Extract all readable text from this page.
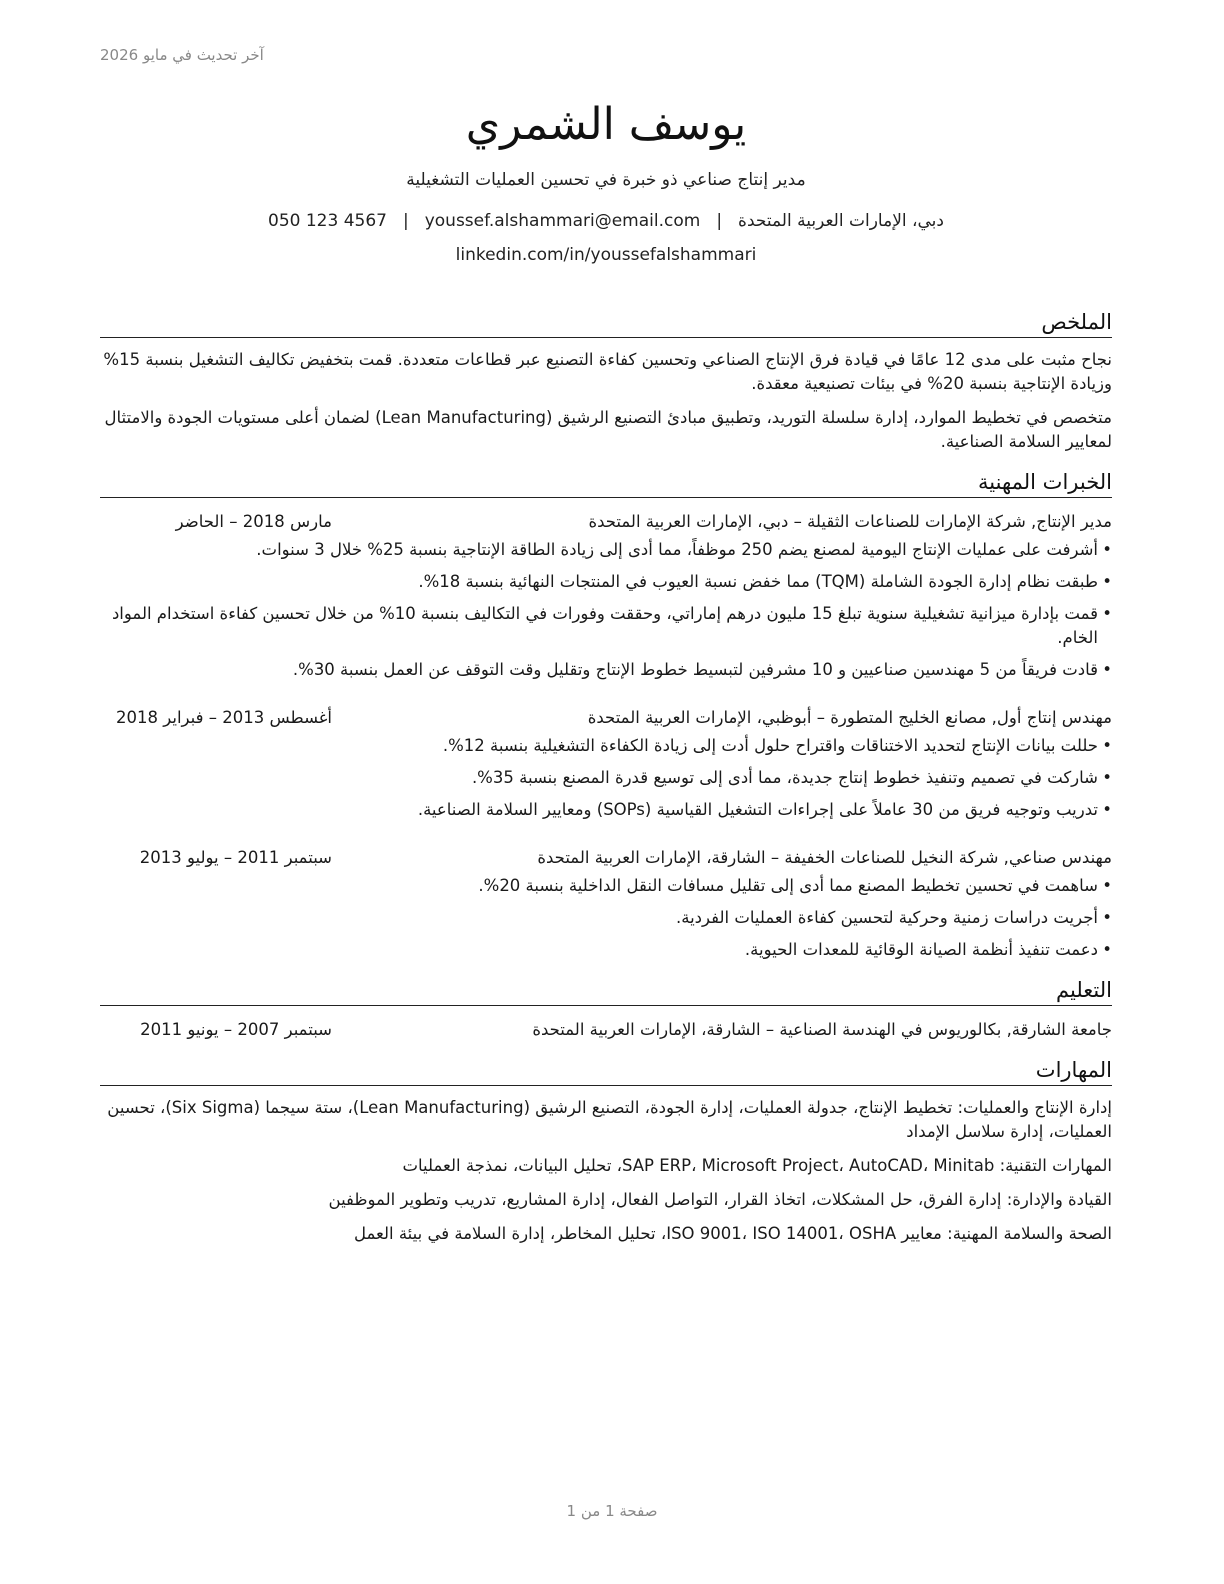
آخر تحديث في مايو 2026
يوسف الشمري
مدير إنتاج صناعي ذو خبرة في تحسين العمليات التشغيلية
دبي، الإمارات العربية المتحدة|youssef.alshammari@email.com|050 123 4567
linkedin.com/in/youssefalshammari
الملخص

نجاح مثبت على مدى 12 عامًا في قيادة فرق الإنتاج الصناعي وتحسين كفاءة التصنيع عبر قطاعات متعددة. قمت بتخفيض تكاليف التشغيل بنسبة 15% وزيادة الإنتاجية بنسبة 20% في بيئات تصنيعية معقدة.

متخصص في تخطيط الموارد، إدارة سلسلة التوريد، وتطبيق مبادئ التصنيع الرشيق (Lean Manufacturing) لضمان أعلى مستويات الجودة والامتثال لمعايير السلامة الصناعية.

الخبرات المهنية
مدير الإنتاج, شركة الإمارات للصناعات الثقيلة – دبي، الإمارات العربية المتحدة
مارس 2018 – الحاضر
•
أشرفت على عمليات الإنتاج اليومية لمصنع يضم 250 موظفاً، مما أدى إلى زيادة الطاقة الإنتاجية بنسبة 25% خلال 3 سنوات.
•
طبقت نظام إدارة الجودة الشاملة (TQM) مما خفض نسبة العيوب في المنتجات النهائية بنسبة 18%.
•
قمت بإدارة ميزانية تشغيلية سنوية تبلغ 15 مليون درهم إماراتي، وحققت وفورات في التكاليف بنسبة 10% من خلال تحسين كفاءة استخدام المواد الخام.
•
قادت فريقاً من 5 مهندسين صناعيين و 10 مشرفين لتبسيط خطوط الإنتاج وتقليل وقت التوقف عن العمل بنسبة 30%.
مهندس إنتاج أول, مصانع الخليج المتطورة – أبوظبي، الإمارات العربية المتحدة
أغسطس 2013 – فبراير 2018
•
حللت بيانات الإنتاج لتحديد الاختناقات واقتراح حلول أدت إلى زيادة الكفاءة التشغيلية بنسبة 12%.
•
شاركت في تصميم وتنفيذ خطوط إنتاج جديدة، مما أدى إلى توسيع قدرة المصنع بنسبة 35%.
•
تدريب وتوجيه فريق من 30 عاملاً على إجراءات التشغيل القياسية (SOPs) ومعايير السلامة الصناعية.
مهندس صناعي, شركة النخيل للصناعات الخفيفة – الشارقة، الإمارات العربية المتحدة
سبتمبر 2011 – يوليو 2013
•
ساهمت في تحسين تخطيط المصنع مما أدى إلى تقليل مسافات النقل الداخلية بنسبة 20%.
•
أجريت دراسات زمنية وحركية لتحسين كفاءة العمليات الفردية.
•
دعمت تنفيذ أنظمة الصيانة الوقائية للمعدات الحيوية.
التعليم
جامعة الشارقة, بكالوريوس في الهندسة الصناعية – الشارقة، الإمارات العربية المتحدة
سبتمبر 2007 – يونيو 2011
المهارات
إدارة الإنتاج والعمليات: تخطيط الإنتاج، جدولة العمليات، إدارة الجودة، التصنيع الرشيق (Lean Manufacturing)، ستة سيجما (Six Sigma)، تحسين العمليات، إدارة سلاسل الإمداد
المهارات التقنية: SAP ERP، Microsoft Project، AutoCAD، Minitab، تحليل البيانات، نمذجة العمليات
القيادة والإدارة: إدارة الفرق، حل المشكلات، اتخاذ القرار، التواصل الفعال، إدارة المشاريع، تدريب وتطوير الموظفين
الصحة والسلامة المهنية: معايير ISO 9001، ISO 14001، OSHA، تحليل المخاطر، إدارة السلامة في بيئة العمل
صفحة 1 من 1
